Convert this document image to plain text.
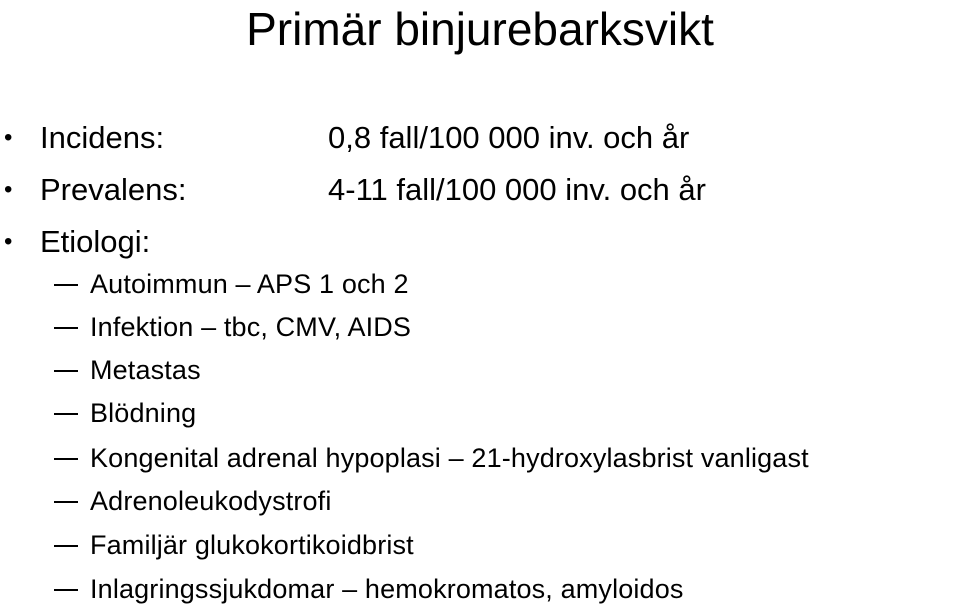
Primär binjurebarksvikt
• Incidens:	0,8 fall/100 000 inv. och år
• Prevalens:	4-11 fall/100 000 inv. och år
• Etiologi:
Autoimmun – APS 1 och 2
Infektion – tbc, CMV, AIDS
Metastas
Blödning
Kongenital adrenal hypoplasi – 21-hydroxylasbrist vanligast
Adrenoleukodystrofi
Familjär glukokortikoidbrist
Inlagringssjukdomar – hemokromatos, amyloidos
